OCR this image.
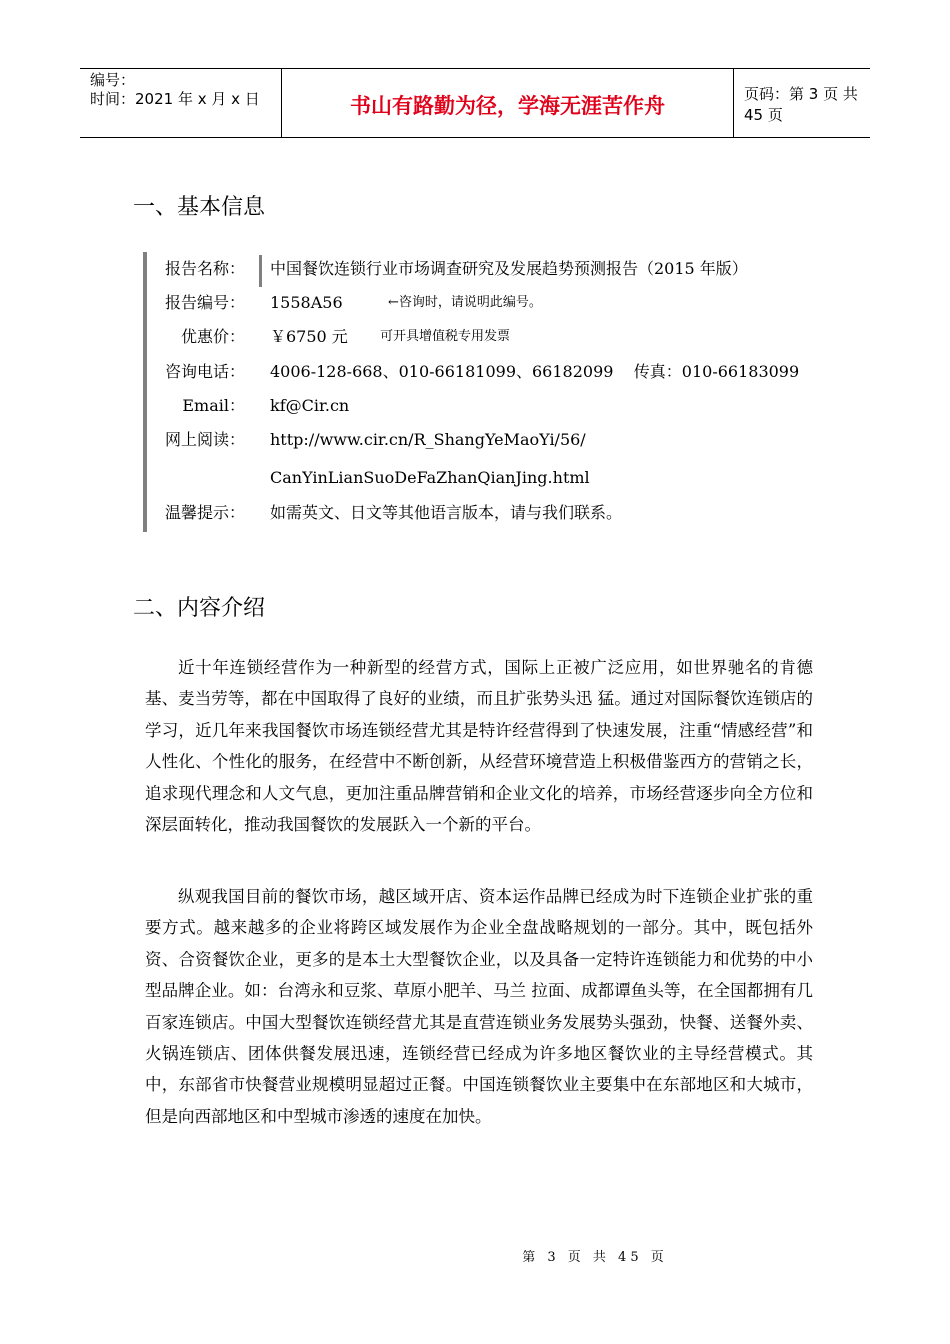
编号：
时间：2021 年 x 月 x 日	书山有路勤为径，学海无涯苦作舟	页码：第 3 页 共 45 页
一、基本信息
报告名称： 中国餐饮连锁行业市场调查研究及发展趋势预测报告（2015 年版）
报告编号： 1558A56	←咨询时，请说明此编号。
优惠价： ￥6750 元 可开具增值税专用发票
咨询电话： 4006-128-668、010-66181099、66182099    传真：010-66183099
Email： kf@Cir.cn
网上阅读： http://www.cir.cn/R_ShangYeMaoYi/56/
CanYinLianSuoDeFaZhanQianJing.html
温馨提示： 如需英文、日文等其他语言版本，请与我们联系。
二、内容介绍

近十年连锁经营作为一种新型的经营方式，国际上正被广泛应用，如世界驰名的肯德基、麦当劳等，都在中国取得了良好的业绩，而且扩张势头迅 猛。通过对国际餐饮连锁店的学习，近几年来我国餐饮市场连锁经营尤其是特许经营得到了快速发展，注重“情感经营”和人性化、个性化的服务，在经营中不断创新，从经营环境营造上积极借鉴西方的营销之长，追求现代理念和人文气息，更加注重品牌营销和企业文化的培养，市场经营逐步向全方位和深层面转化，推动我国餐饮的发展跃入一个新的平台。

纵观我国目前的餐饮市场，越区域开店、资本运作品牌已经成为时下连锁企业扩张的重要方式。越来越多的企业将跨区域发展作为企业全盘战略规划的一部分。其中，既包括外资、合资餐饮企业，更多的是本土大型餐饮企业，以及具备一定特许连锁能力和优势的中小型品牌企业。如：台湾永和豆浆、草原小肥羊、马兰 拉面、成都谭鱼头等，在全国都拥有几百家连锁店。中国大型餐饮连锁经营尤其是直营连锁业务发展势头强劲，快餐、送餐外卖、火锅连锁店、团体供餐发展迅速，连锁经营已经成为许多地区餐饮业的主导经营模式。其中，东部省市快餐营业规模明显超过正餐。中国连锁餐饮业主要集中在东部地区和大城市，但是向西部地区和中型城市渗透的速度在加快。

第 3 页 共 45 页
